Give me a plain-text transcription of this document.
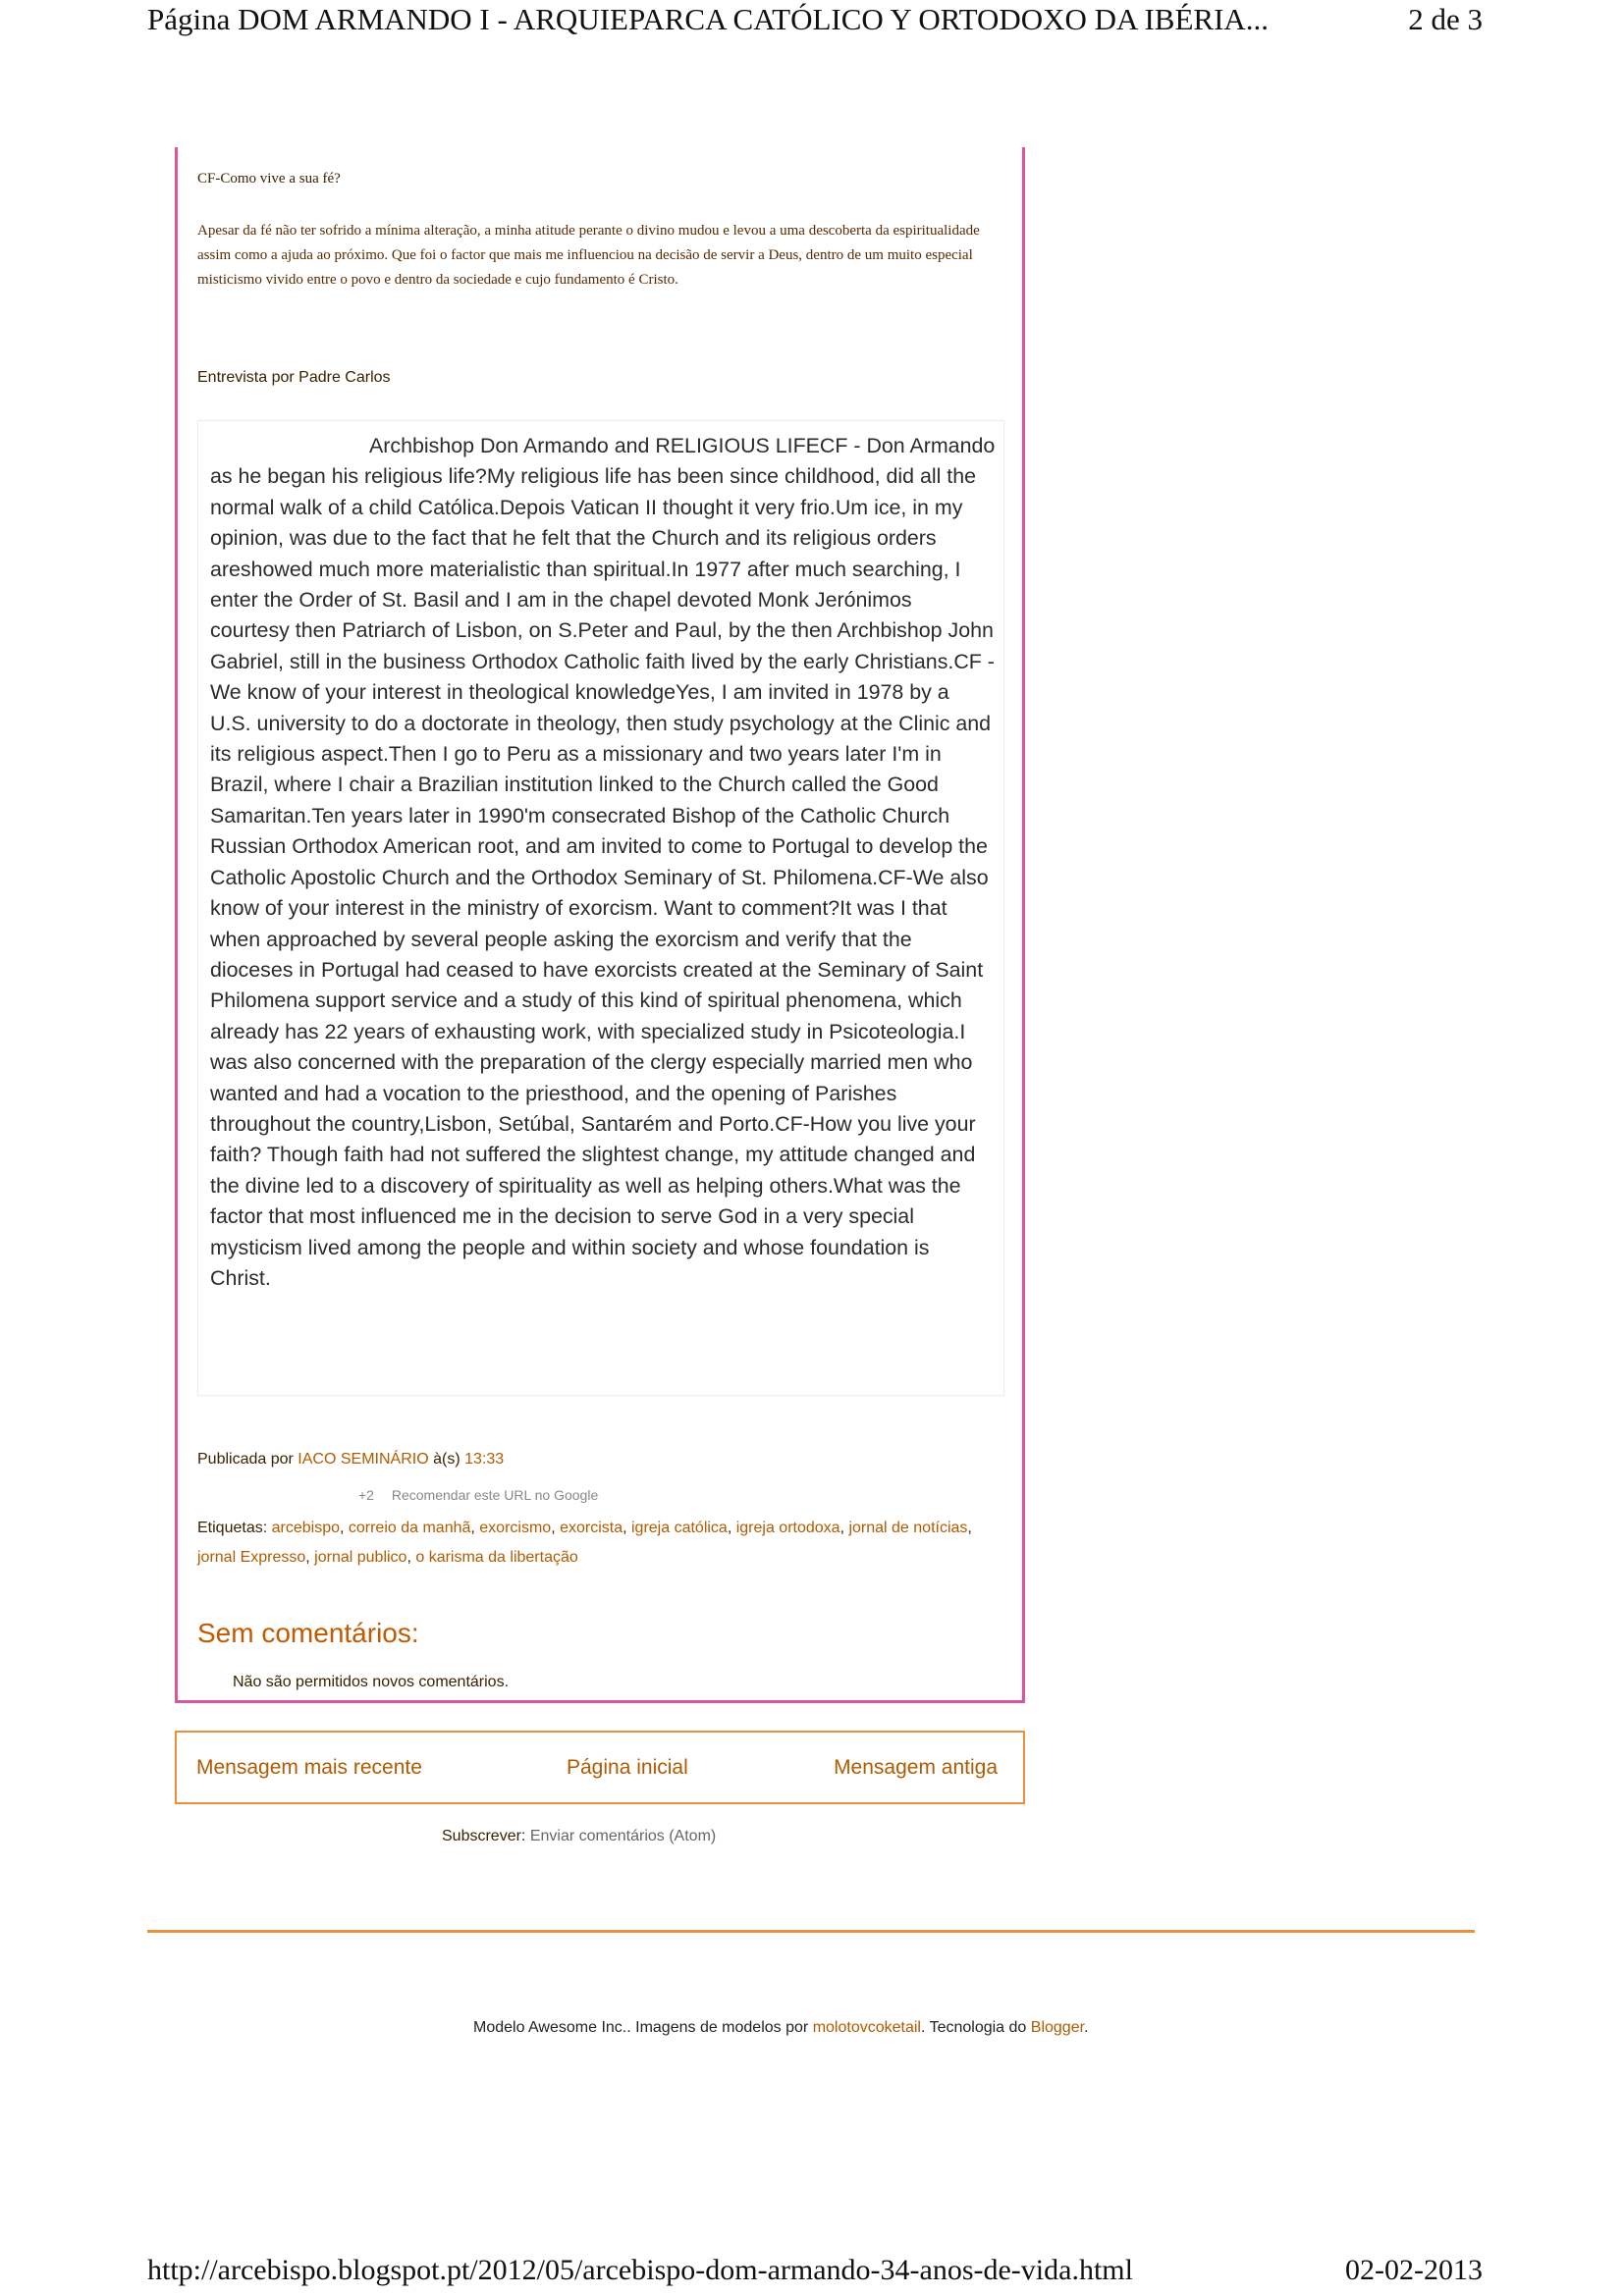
Página DOM ARMANDO I - ARQUIEPARCA CATÓLICO Y ORTODOXO DA IBÉRIA...	2 de 3
CF-Como vive a sua fé?
Apesar da fé não ter sofrido a mínima alteração, a minha atitude perante o divino mudou e levou a uma descoberta da espiritualidade assim como a ajuda ao próximo. Que foi o factor que mais me influenciou na decisão de servir a Deus, dentro de um muito especial misticismo vivido entre o povo e dentro da sociedade e cujo fundamento é Cristo.
Entrevista por Padre Carlos
Archbishop Don Armando and RELIGIOUS LIFECF - Don Armando as he began his religious life?My religious life has been since childhood, did all the normal walk of a child Católica.Depois Vatican II thought it very frio.Um ice, in my opinion, was due to the fact that he felt that the Church and its religious orders areshowed much more materialistic than spiritual.In 1977 after much searching, I enter the Order of St. Basil and I am in the chapel devoted Monk Jerónimos courtesy then Patriarch of Lisbon, on S.Peter and Paul, by the then Archbishop John Gabriel, still in the business Orthodox Catholic faith lived by the early Christians.CF - We know of your interest in theological knowledgeYes, I am invited in 1978 by a U.S. university to do a doctorate in theology, then study psychology at the Clinic and its religious aspect.Then I go to Peru as a missionary and two years later I'm in Brazil, where I chair a Brazilian institution linked to the Church called the Good Samaritan.Ten years later in 1990'm consecrated Bishop of the Catholic Church Russian Orthodox American root, and am invited to come to Portugal to develop the Catholic Apostolic Church and the Orthodox Seminary of St. Philomena.CF-We also know of your interest in the ministry of exorcism. Want to comment?It was I that when approached by several people asking the exorcism and verify that the dioceses in Portugal had ceased to have exorcists created at the Seminary of Saint Philomena support service and a study of this kind of spiritual phenomena, which already has 22 years of exhausting work, with specialized study in Psicoteologia.I was also concerned with the preparation of the clergy especially married men who wanted and had a vocation to the priesthood, and the opening of Parishes throughout the country,Lisbon, Setúbal, Santarém and Porto.CF-How you live your faith? Though faith had not suffered the slightest change, my attitude changed and the divine led to a discovery of spirituality as well as helping others.What was the factor that most influenced me in the decision to serve God in a very special mysticism lived among the people and within society and whose foundation is Christ.
Publicada por IACO SEMINÁRIO à(s) 13:33
+2 Recomendar este URL no Google
Etiquetas: arcebispo, correio da manhã, exorcismo, exorcista, igreja católica, igreja ortodoxa, jornal de notícias, jornal Expresso, jornal publico, o karisma da libertação
Sem comentários:
Não são permitidos novos comentários.
Mensagem mais recente	Página inicial	Mensagem antiga
Subscrever: Enviar comentários (Atom)
Modelo Awesome Inc.. Imagens de modelos por molotovcoketail. Tecnologia do Blogger.
http://arcebispo.blogspot.pt/2012/05/arcebispo-dom-armando-34-anos-de-vida.html	02-02-2013
